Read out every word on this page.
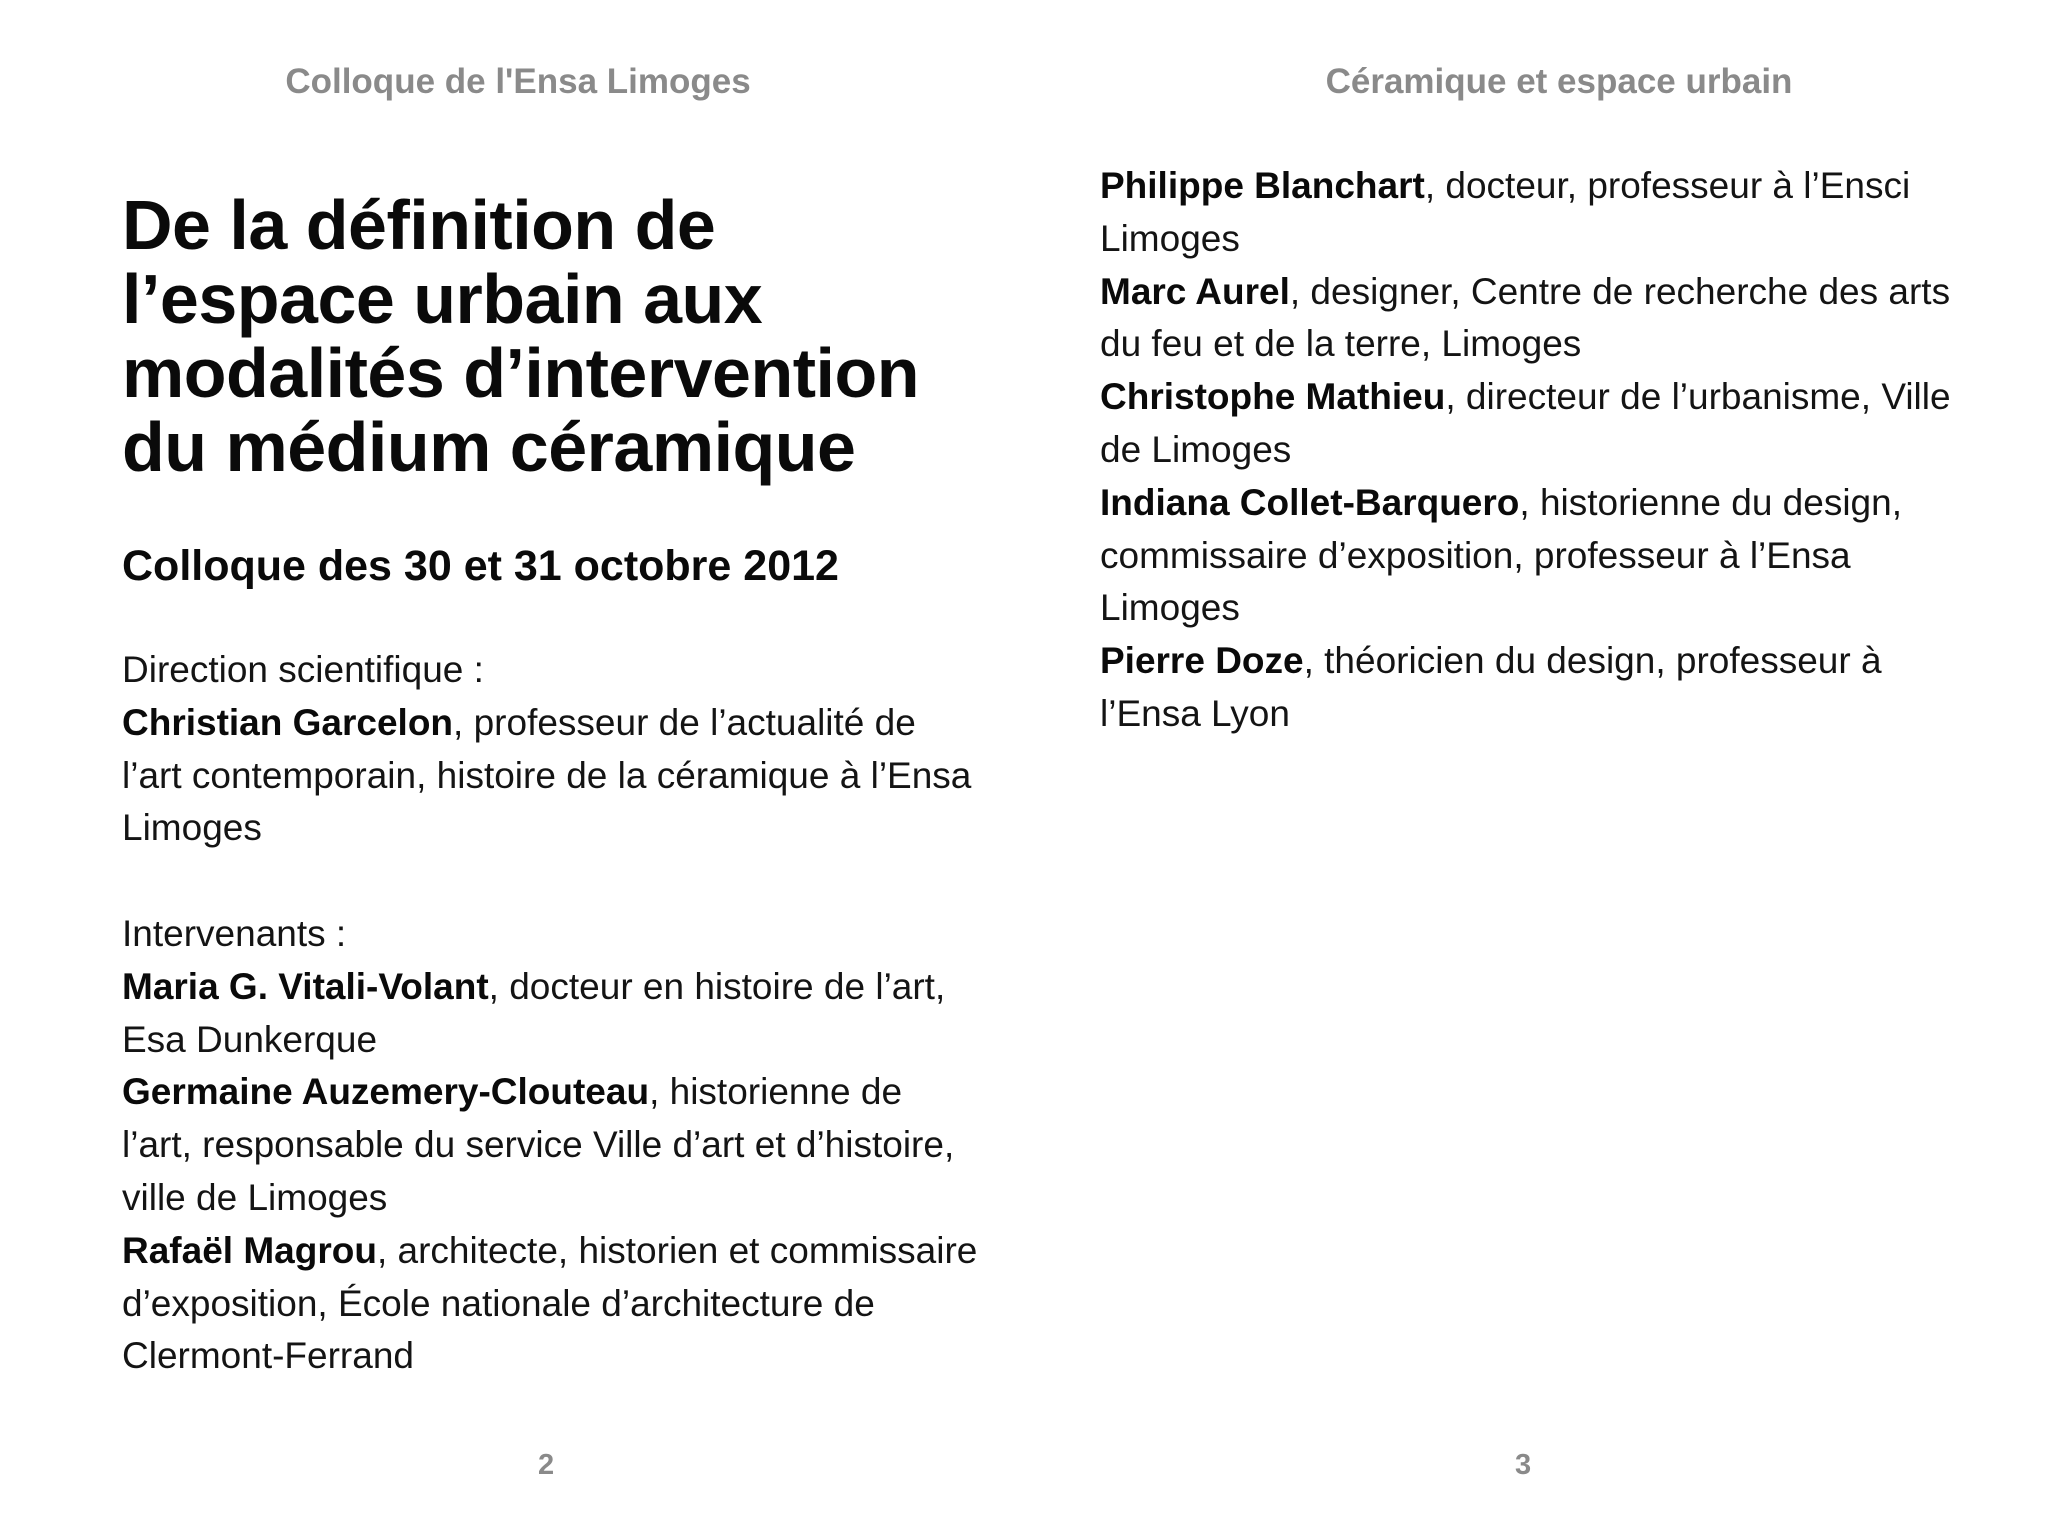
Colloque de l'Ensa Limoges
De la définition de l’espace urbain aux modalités d’intervention du médium céramique
Colloque des 30 et 31 octobre 2012
Direction scientifique :
Christian Garcelon, professeur de l’actualité de l’art contemporain, histoire de la céramique à l’Ensa Limoges
Intervenants :
Maria G. Vitali-Volant, docteur en histoire de l’art, Esa Dunkerque
Germaine Auzemery-Clouteau, historienne de l’art, responsable du service Ville d’art et d’histoire, ville de Limoges
Rafaël Magrou, architecte, historien et commissaire d’exposition, École nationale d’architecture de Clermont-Ferrand
2
Céramique et espace urbain
Philippe Blanchart, docteur, professeur à l’Ensci Limoges
Marc Aurel, designer, Centre de recherche des arts du feu et de la terre, Limoges
Christophe Mathieu, directeur de l’urbanisme, Ville de Limoges
Indiana Collet-Barquero, historienne du design, commissaire d’exposition, professeur à l’Ensa Limoges
Pierre Doze, théoricien du design, professeur à l’Ensa Lyon
3
